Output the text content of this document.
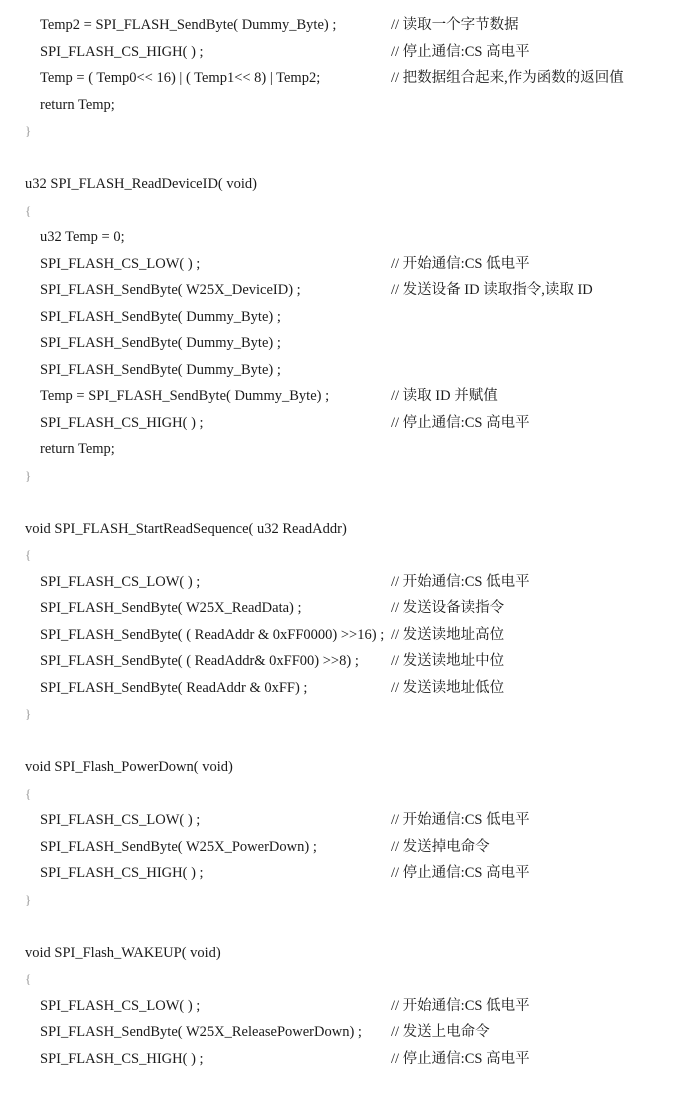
Temp2 = SPI_FLASH_SendByte( Dummy_Byte) ;	// 读取一个字节数据
SPI_FLASH_CS_HIGH( ) ;	// 停止通信:CS 高电平
Temp = ( Temp0<< 16) | ( Temp1<< 8) | Temp2;	// 把数据组合起来,作为函数的返回值
return Temp;
}
u32 SPI_FLASH_ReadDeviceID( void)
{
u32 Temp = 0;
SPI_FLASH_CS_LOW( ) ;	// 开始通信:CS 低电平
SPI_FLASH_SendByte( W25X_DeviceID) ;	// 发送设备 ID 读取指令,读取 ID
SPI_FLASH_SendByte( Dummy_Byte) ;
SPI_FLASH_SendByte( Dummy_Byte) ;
SPI_FLASH_SendByte( Dummy_Byte) ;
Temp = SPI_FLASH_SendByte( Dummy_Byte) ;	// 读取 ID 并赋值
SPI_FLASH_CS_HIGH( ) ;	// 停止通信:CS 高电平
return Temp;
}
void SPI_FLASH_StartReadSequence( u32 ReadAddr)
{
SPI_FLASH_CS_LOW( ) ;	// 开始通信:CS 低电平
SPI_FLASH_SendByte( W25X_ReadData) ;	// 发送设备读指令
SPI_FLASH_SendByte( ( ReadAddr & 0xFF0000) >>16) ; // 发送读地址高位
SPI_FLASH_SendByte( ( ReadAddr& 0xFF00) >>8) ; // 发送读地址中位
SPI_FLASH_SendByte( ReadAddr & 0xFF) ;	// 发送读地址低位
}
void SPI_Flash_PowerDown( void)
{
SPI_FLASH_CS_LOW( ) ;	// 开始通信:CS 低电平
SPI_FLASH_SendByte( W25X_PowerDown) ;	// 发送掉电命令
SPI_FLASH_CS_HIGH( ) ;	// 停止通信:CS 高电平
}
void SPI_Flash_WAKEUP( void)
{
SPI_FLASH_CS_LOW( ) ;	// 开始通信:CS 低电平
SPI_FLASH_SendByte( W25X_ReleasePowerDown) ; // 发送上电命令
SPI_FLASH_CS_HIGH( ) ;	// 停止通信:CS 高电平
